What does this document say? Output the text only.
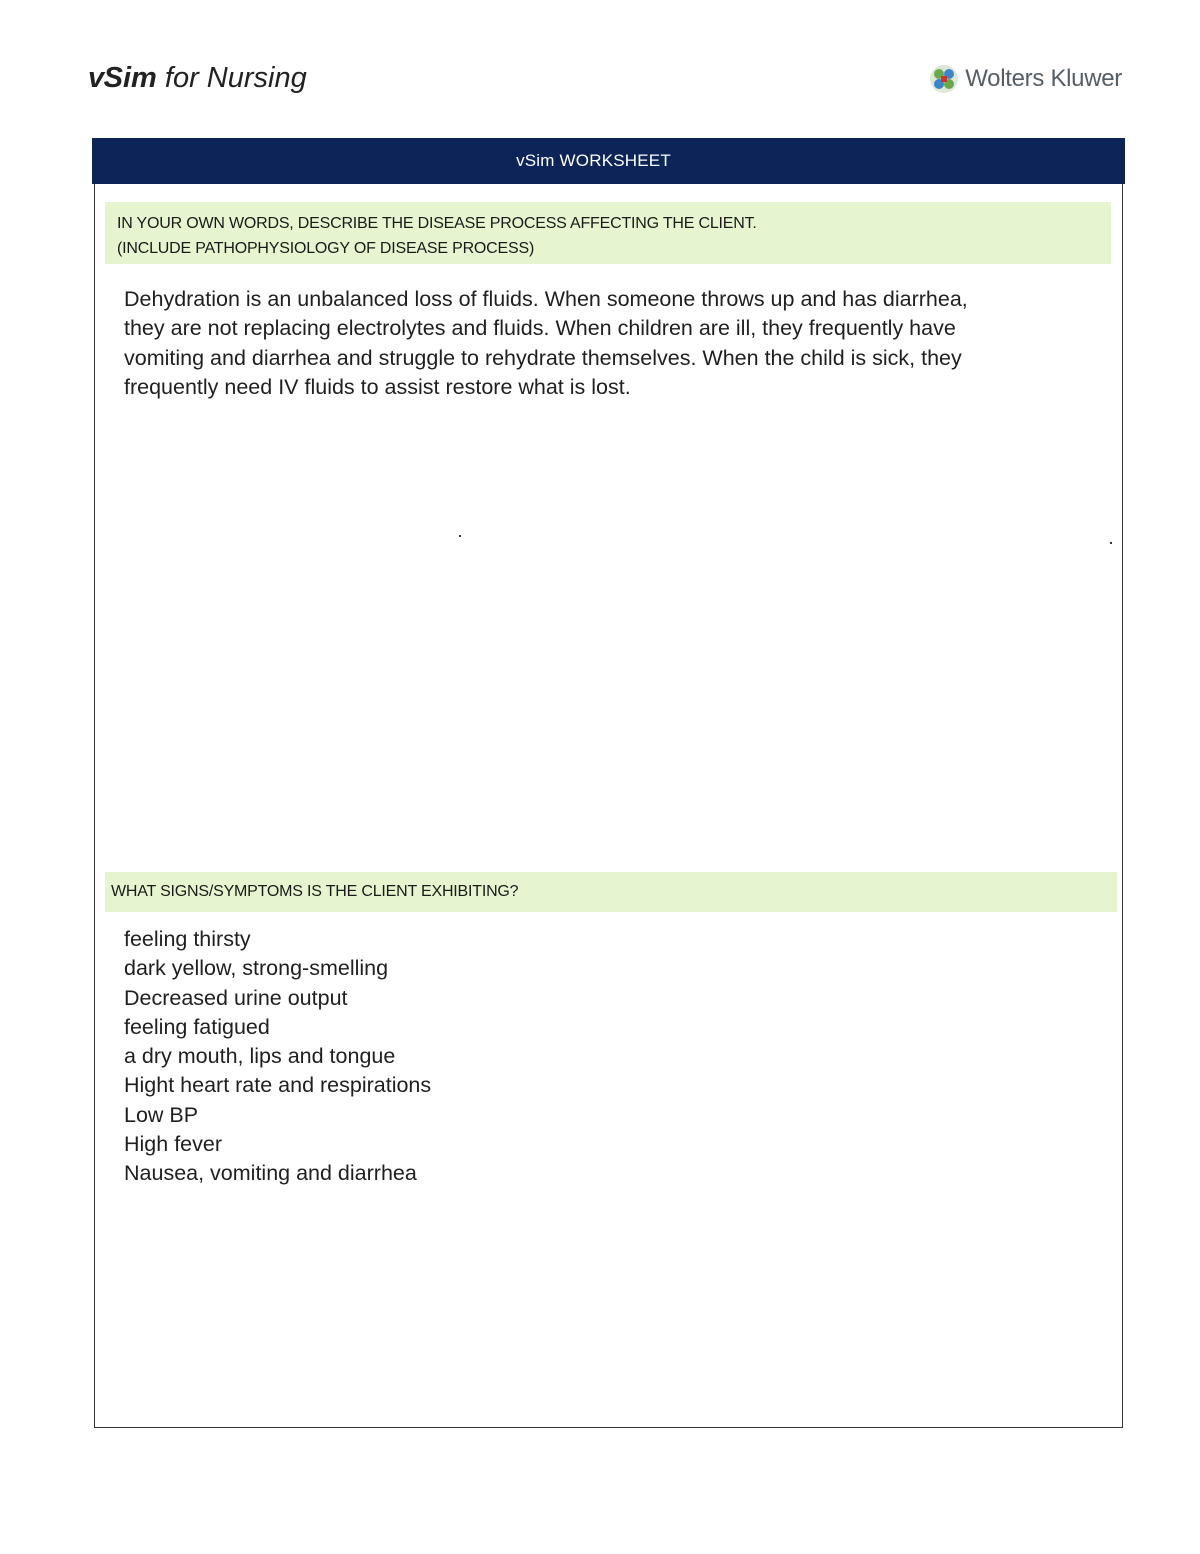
vSim for Nursing	Wolters Kluwer
vSim WORKSHEET
IN YOUR OWN WORDS, DESCRIBE THE DISEASE PROCESS AFFECTING THE CLIENT.
(INCLUDE PATHOPHYSIOLOGY OF DISEASE PROCESS)
Dehydration is an unbalanced loss of fluids. When someone throws up and has diarrhea, they are not replacing electrolytes and fluids. When children are ill, they frequently have vomiting and diarrhea and struggle to rehydrate themselves. When the child is sick, they frequently need IV fluids to assist restore what is lost.
WHAT SIGNS/SYMPTOMS IS THE CLIENT EXHIBITING?
feeling thirsty
dark yellow, strong-smelling
Decreased urine output
feeling fatigued
a dry mouth, lips and tongue
Hight heart rate and respirations
Low BP
High fever
Nausea, vomiting and diarrhea
